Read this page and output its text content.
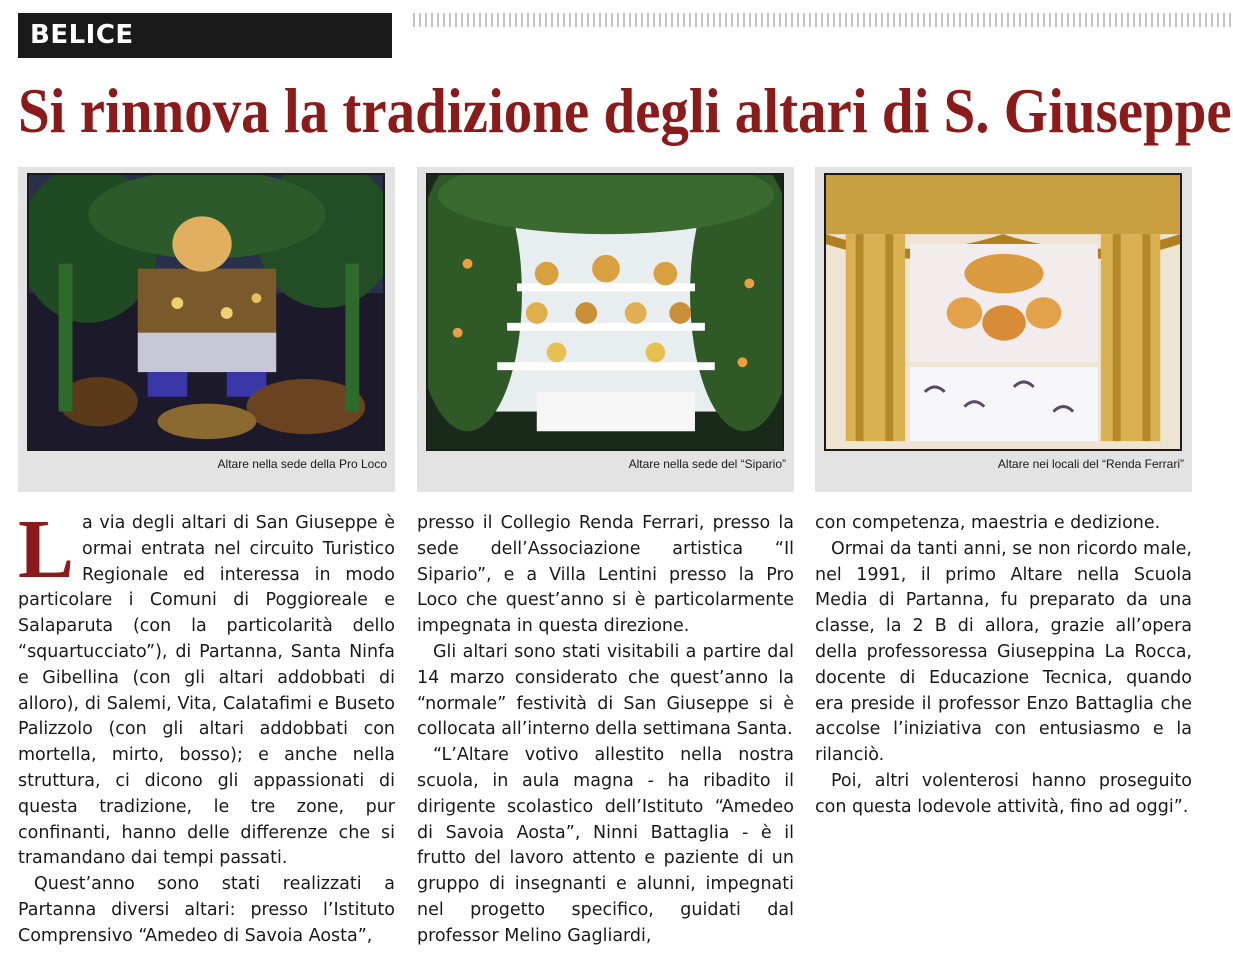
BELICE
Si rinnova la tradizione degli altari di S. Giuseppe
Altare nella sede della Pro Loco	Altare nella sede del “Sipario”	Altare nei locali del “Renda Ferrari”
L a via degli altari di San Giuseppe è ormai entrata nel circuito Turistico Regionale ed interessa in modo particolare i Comuni di Poggioreale e Salaparuta (con la particolarità dello “squartucciato”), di Partanna, Santa Ninfa e Gibellina (con gli altari addobbati di alloro), di Salemi, Vita, Calatafimi e Buseto Palizzolo (con gli altari addobbati con mortella, mirto, bosso); e anche nella struttura, ci dicono gli appassionati di questa tradizione, le tre zone, pur confinanti, hanno delle differenze che si tramandano dai tempi passati.

Quest’anno sono stati realizzati a Partanna diversi altari: presso l’Istituto Comprensivo “Amedeo di Savoia Aosta”,

presso il Collegio Renda Ferrari, presso la sede dell’Associazione artistica “Il Sipario”, e a Villa Lentini presso la Pro Loco che quest’anno si è particolarmente impegnata in questa direzione.

Gli altari sono stati visitabili a partire dal 14 marzo considerato che quest’anno la “normale” festività di San Giuseppe si è collocata all’interno della settimana Santa.

“L’Altare votivo allestito nella nostra scuola, in aula magna - ha ribadito il dirigente scolastico dell’Istituto “Amedeo di Savoia Aosta”, Ninni Battaglia - è il frutto del lavoro attento e paziente di un gruppo di insegnanti e alunni, impegnati nel progetto specifico, guidati dal professor Melino Gagliardi,

con competenza, maestria e dedizione.

Ormai da tanti anni, se non ricordo male, nel 1991, il primo Altare nella Scuola Media di Partanna, fu preparato da una classe, la 2 B di allora, grazie all’opera della professoressa Giuseppina La Rocca, docente di Educazione Tecnica, quando era preside il professor Enzo Battaglia che accolse l’iniziativa con entusiasmo e la rilanciò.

Poi, altri volenterosi hanno proseguito con questa lodevole attività, fino ad oggi”.
